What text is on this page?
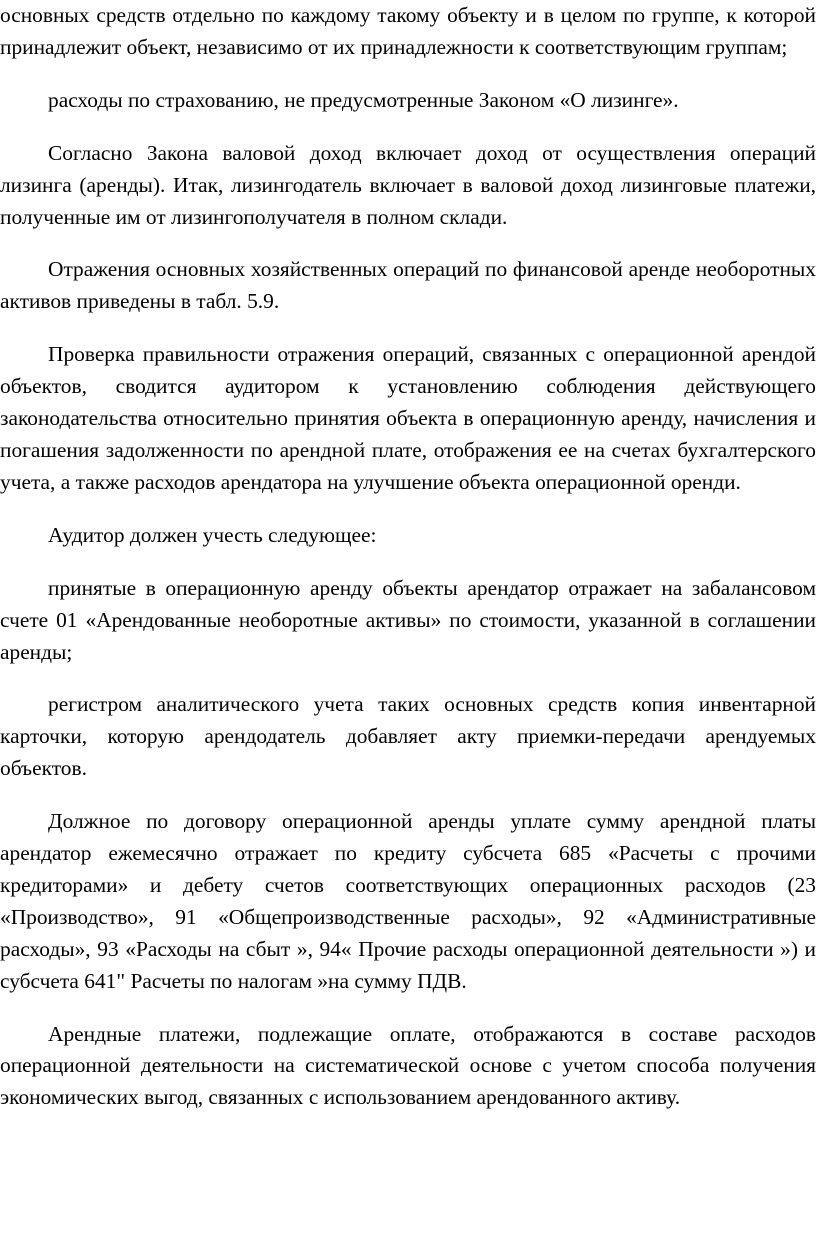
основных средств отдельно по каждому такому объекту и в целом по группе, к которой принадлежит объект, независимо от их принадлежности к соответствующим группам;

расходы по страхованию, не предусмотренные Законом «О лизинге».

Согласно Закона валовой доход включает доход от осуществления операций лизинга (аренды). Итак, лизингодатель включает в валовой доход лизинговые платежи, полученные им от лизингополучателя в полном склади.

Отражения основных хозяйственных операций по финансовой аренде необоротных активов приведены в табл. 5.9.

Проверка правильности отражения операций, связанных с операционной арендой объектов, сводится аудитором к установлению соблюдения действующего законодательства относительно принятия объекта в операционную аренду, начисления и погашения задолженности по арендной плате, отображения ее на счетах бухгалтерского учета, а также расходов арендатора на улучшение объекта операционной оренди.

Аудитор должен учесть следующее:

принятые в операционную аренду объекты арендатор отражает на забалансовом счете 01 «Арендованные необоротные активы» по стоимости, указанной в соглашении аренды;

регистром аналитического учета таких основных средств копия инвентарной карточки, которую арендодатель добавляет акту приемки-передачи арендуемых объектов.

Должное по договору операционной аренды уплате сумму арендной платы арендатор ежемесячно отражает по кредиту субсчета 685 «Расчеты с прочими кредиторами» и дебету счетов соответствующих операционных расходов (23 «Производство», 91 «Общепроизводственные расходы», 92 «Административные расходы», 93 «Расходы на сбыт », 94« Прочие расходы операционной деятельности ») и субсчета 641" Расчеты по налогам »на сумму ПДВ.

Арендные платежи, подлежащие оплате, отображаются в составе расходов операционной деятельности на систематической основе с учетом способа получения экономических выгод, связанных с использованием арендованного активу.
